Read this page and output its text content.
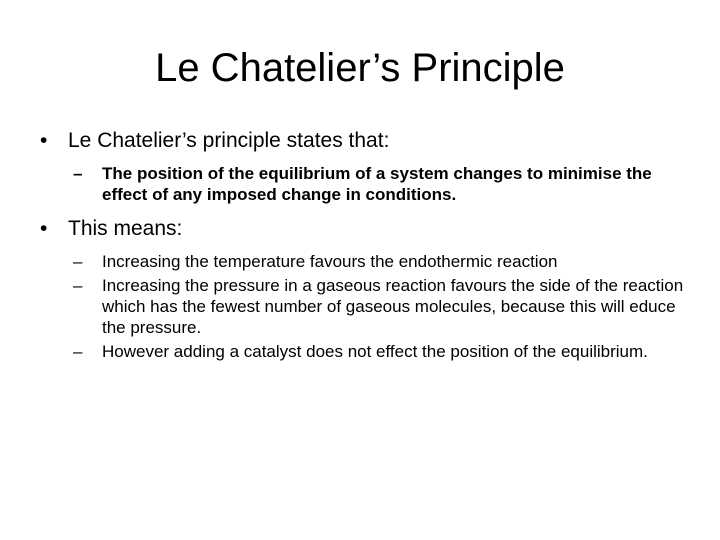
Le Chatelier’s Principle
• Le Chatelier’s principle states that:
–	The position of the equilibrium of a system changes to minimise the effect of any imposed change in conditions.
• This means:
–	Increasing the temperature favours the endothermic reaction
–	Increasing the pressure in a gaseous reaction favours the side of the reaction which has the fewest number of gaseous molecules, because this will educe the pressure.
–	However adding a catalyst does not effect the position of the equilibrium.
